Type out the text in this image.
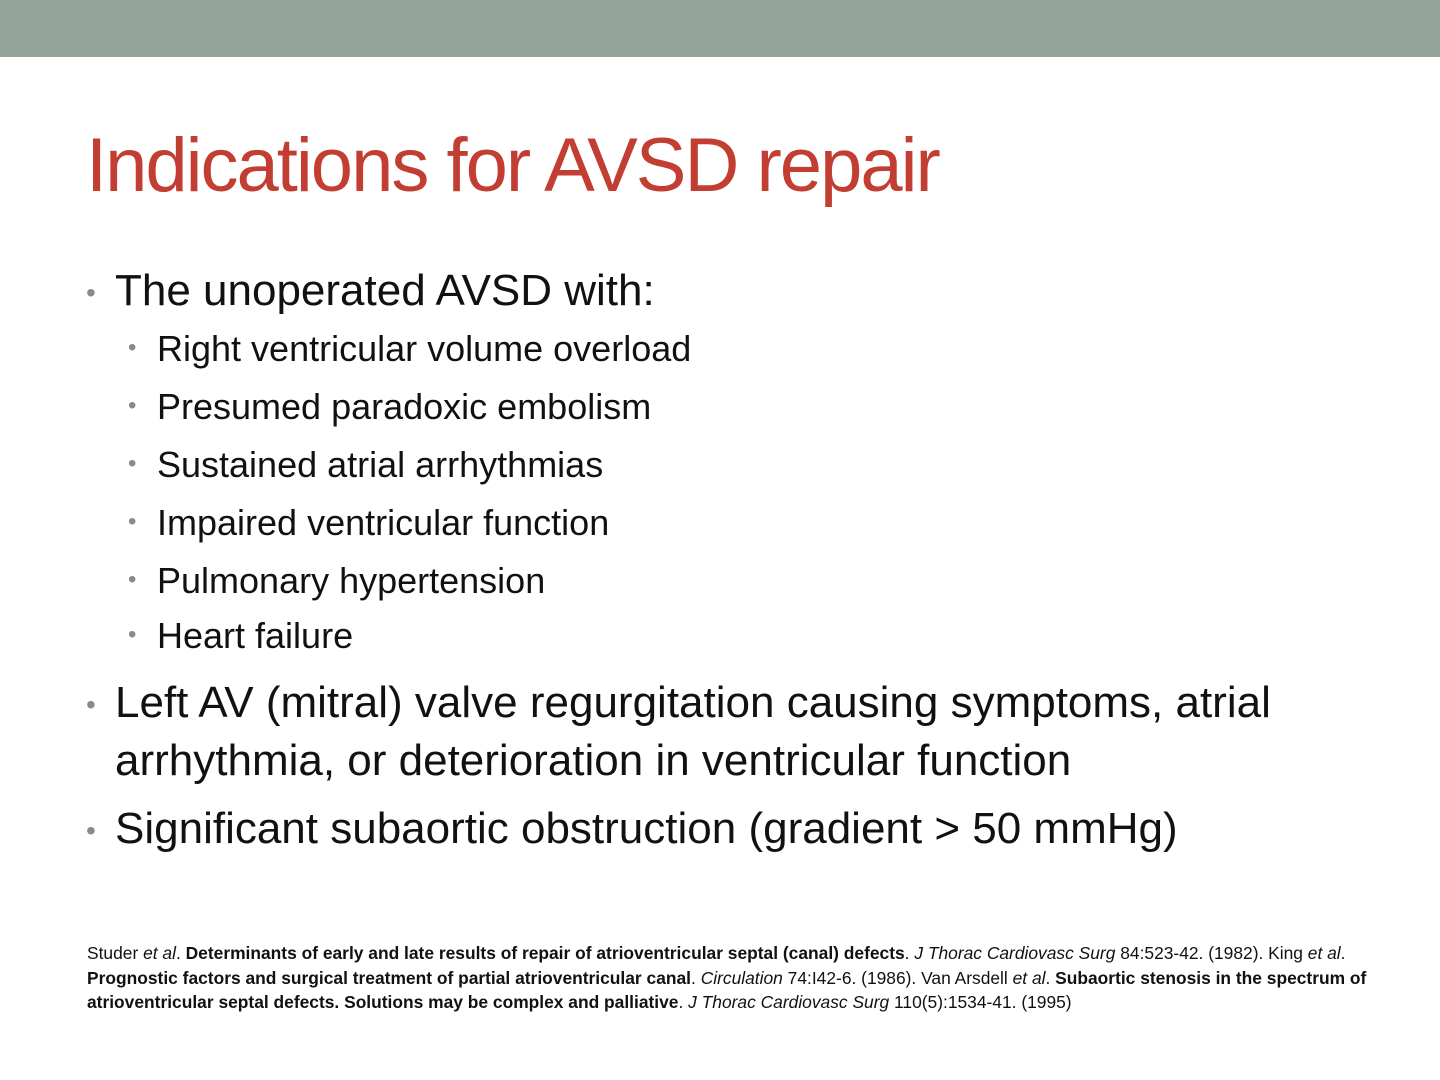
Indications for AVSD repair
• The unoperated AVSD with:
• Right ventricular volume overload
• Presumed paradoxic embolism
• Sustained atrial arrhythmias
• Impaired ventricular function
• Pulmonary hypertension
• Heart failure
• Left AV (mitral) valve regurgitation causing symptoms, atrial arrhythmia, or deterioration in ventricular function
• Significant subaortic obstruction (gradient > 50 mmHg)

Studer et al. Determinants of early and late results of repair of atrioventricular septal (canal) defects. J Thorac Cardiovasc Surg 84:523-42. (1982). King et al. Prognostic factors and surgical treatment of partial atrioventricular canal. Circulation 74:I42-6. (1986). Van Arsdell et al. Subaortic stenosis in the spectrum of atrioventricular septal defects. Solutions may be complex and palliative. J Thorac Cardiovasc Surg 110(5):1534-41. (1995)
